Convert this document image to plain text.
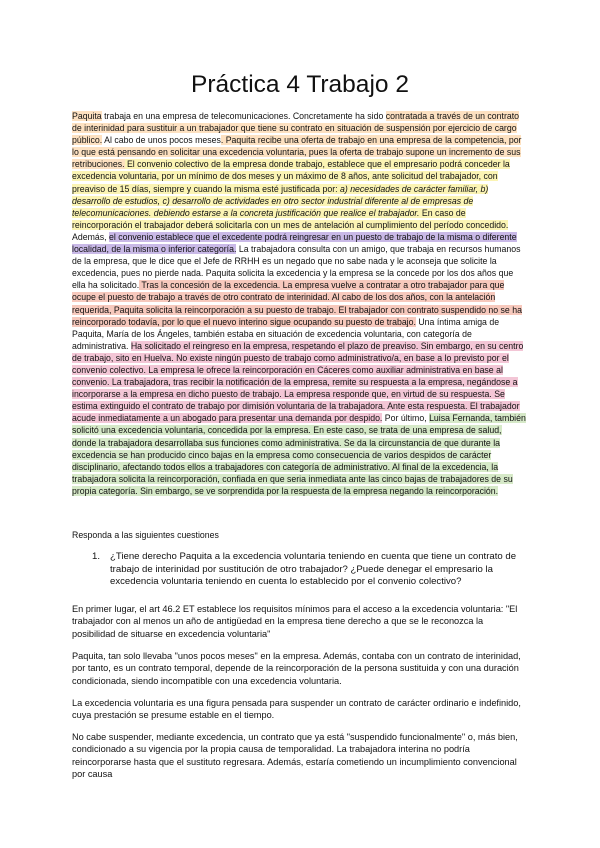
Práctica 4 Trabajo 2
Paquita trabaja en una empresa de telecomunicaciones. Concretamente ha sido contratada a través de un contrato de interinidad para sustituir a un trabajador que tiene su contrato en situación de suspensión por ejercicio de cargo público. Al cabo de unos pocos meses. Paquita recibe una oferta de trabajo en una empresa de la competencia, por lo que está pensando en solicitar una excedencia voluntaria, pues la oferta de trabajo supone un incremento de sus retribuciones. El convenio colectivo de la empresa donde trabajo, establece que el empresario podrá conceder la excedencia voluntaria, por un mínimo de dos meses y un máximo de 8 años, ante solicitud del trabajador, con preaviso de 15 días, siempre y cuando la misma esté justificada por: a) necesidades de carácter familiar, b) desarrollo de estudios, c) desarrollo de actividades en otro sector industrial diferente al de empresas de telecomunicaciones. debiendo estarse a la concreta justificación que realice el trabajador. En caso de reincorporación el trabajador deberá solicitarla con un mes de antelación al cumplimiento del período concedido. Además, el convenio establece que el excedente podrá reingresar en un puesto de trabajo de la misma o diferente localidad, de la misma o inferior categoría. La trabajadora consulta con un amigo, que trabaja en recursos humanos de la empresa, que le dice que el Jefe de RRHH es un negado que no sabe nada y le aconseja que solicite la excedencia, pues no pierde nada. Paquita solicita la excedencia y la empresa se la concede por los dos años que ella ha solicitado. Tras la concesión de la excedencia. La empresa vuelve a contratar a otro trabajador para que ocupe el puesto de trabajo a través de otro contrato de interinidad. Al cabo de los dos años, con la antelación requerida, Paquita solicita la reincorporación a su puesto de trabajo. El trabajador con contrato suspendido no se ha reincorporado todavía, por lo que el nuevo interino sigue ocupando su puesto de trabajo. Una íntima amiga de Paquita, María de los Ángeles, también estaba en situación de excedencia voluntaria, con categoría de administrativa. Ha solicitado el reingreso en la empresa, respetando el plazo de preaviso. Sin embargo, en su centro de trabajo, sito en Huelva. No existe ningún puesto de trabajo como administrativo/a, en base a lo previsto por el convenio colectivo. La empresa le ofrece la reincorporación en Cáceres como auxiliar administrativa en base al convenio. La trabajadora, tras recibir la notificación de la empresa, remite su respuesta a la empresa, negándose a incorporarse a la empresa en dicho puesto de trabajo. La empresa responde que, en virtud de su respuesta. Se estima extinguido el contrato de trabajo por dimisión voluntaria de la trabajadora. Ante esta respuesta. El trabajador acude inmediatamente a un abogado para presentar una demanda por despido. Por último, Luisa Fernanda, también solicitó una excedencia voluntaria, concedida por la empresa. En este caso, se trata de una empresa de salud, donde la trabajadora desarrollaba sus funciones como administrativa. Se da la circunstancia de que durante la excedencia se han producido cinco bajas en la empresa como consecuencia de varios despidos de carácter disciplinario, afectando todos ellos a trabajadores con categoría de administrativo. Al final de la excedencia, la trabajadora solicita la reincorporación, confiada en que seria inmediata ante las cinco bajas de trabajadores de su propia categoría. Sin embargo, se ve sorprendida por la respuesta de la empresa negando la reincorporación.
Responda a las siguientes cuestiones
1. ¿Tiene derecho Paquita a la excedencia voluntaria teniendo en cuenta que tiene un contrato de trabajo de interinidad por sustitución de otro trabajador? ¿Puede denegar el empresario la excedencia voluntaria teniendo en cuenta lo establecido por el convenio colectivo?
En primer lugar, el art 46.2 ET establece los requisitos mínimos para el acceso a la excedencia voluntaria: "El trabajador con al menos un año de antigüedad en la empresa tiene derecho a que se le reconozca la posibilidad de situarse en excedencia voluntaria"
Paquita, tan solo llevaba "unos pocos meses" en la empresa. Además, contaba con un contrato de interinidad, por tanto, es un contrato temporal, depende de la reincorporación de la persona sustituida y con una duración condicionada, siendo incompatible con una excedencia voluntaria.
La excedencia voluntaria es una figura pensada para suspender un contrato de carácter ordinario e indefinido, cuya prestación se presume estable en el tiempo.
No cabe suspender, mediante excedencia, un contrato que ya está "suspendido funcionalmente" o, más bien, condicionado a su vigencia por la propia causa de temporalidad. La trabajadora interina no podría reincorporarse hasta que el sustituto regresara. Además, estaría cometiendo un incumplimiento convencional por causa
